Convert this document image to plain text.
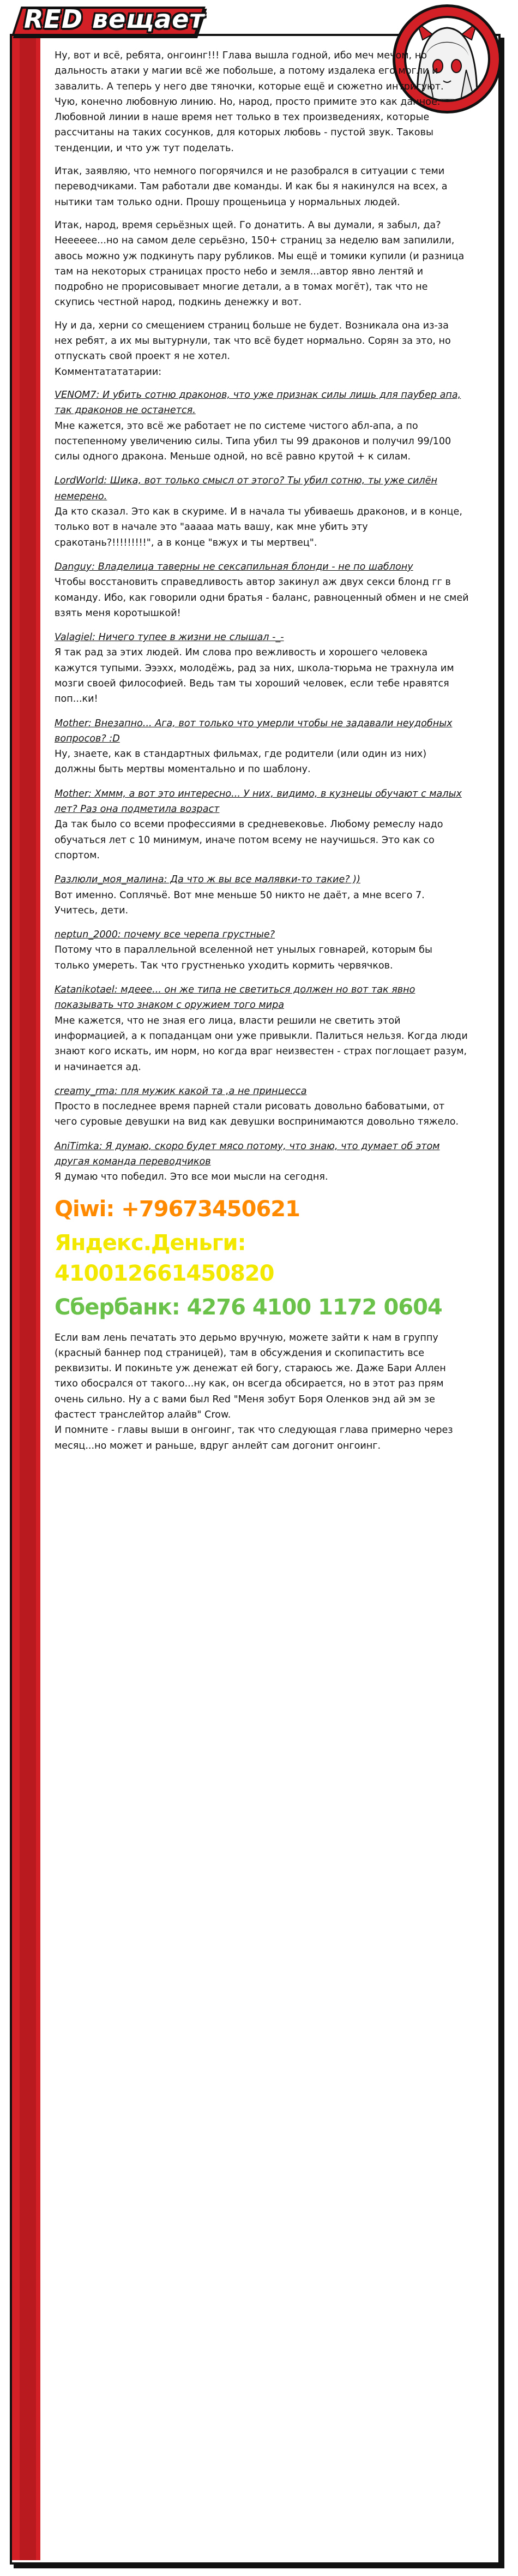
RED вещает

Ну, вот и всё, ребята, онгоинг!!! Глава вышла годной, ибо меч мечом, но дальность атаки у магии всё же побольше, а потому издалека его могли и завалить. А теперь у него две тяночки, которые ещё и сюжетно интригуют. Чую, конечно любовную линию. Но, народ, просто примите это как данное. Любовной линии в наше время нет только в тех произведениях, которые рассчитаны на таких сосунков, для которых любовь - пустой звук. Таковы тенденции, и что уж тут поделать.

Итак, заявляю, что немного погорячился и не разобрался в ситуации с теми переводчиками. Там работали две команды. И как бы я накинулся на всех, а нытики там только одни. Прошу прощеньица у нормальных людей.

Итак, народ, время серьёзных щей. Го донатить. А вы думали, я забыл, да? Нееееее...но на самом деле серьёзно, 150+ страниц за неделю вам запилили, авось можно уж подкинуть пару рубликов. Мы ещё и томики купили (и разница там на некоторых страницах просто небо и земля...автор явно лентяй и подробно не прорисовывает многие детали, а в томах могёт), так что не скупись честной народ, подкинь денежку и вот.

Ну и да, херни со смещением страниц больше не будет. Возникала она из-за нех ребят, а их мы вытурнули, так что всё будет нормально. Сорян за это, но отпускать свой проект я не хотел.

Комментатататарии:

VENOM7: И убить сотню драконов, что уже признак силы лишь для паубер апа, так драконов не останется.
Мне кажется, это всё же работает не по системе чистого абл-апа, а по постепенному увеличению силы. Типа убил ты 99 драконов и получил 99/100 силы одного дракона. Меньше одной, но всё равно крутой + к силам.
LordWorld: Шика, вот только смысл от этого? Ты убил сотню, ты уже силён немерено.
Да кто сказал. Это как в скуриме. И в начала ты убиваешь драконов, и в конце, только вот в начале это "ааааа мать вашу, как мне убить эту сракотань?!!!!!!!!!", а в конце "вжух и ты мертвец".
Danguy: Владелица таверны не сексапильная блонди - не по шаблону
Чтобы восстановить справедливость автор закинул аж двух секси блонд гг в команду. Ибо, как говорили одни братья - баланс, равноценный обмен и не смей взять меня коротышкой!
Valagiel: Ничего тупее в жизни не слышал -_-
Я так рад за этих людей. Им слова про вежливость и хорошего человека кажутся тупыми. Эээхх, молодёжь, рад за них, школа-тюрьма не трахнула им мозги своей философией. Ведь там ты хороший человек, если тебе нравятся поп...ки!
Mother: Внезапно... Ага, вот только что умерли чтобы не задавали неудобных вопросов? :D
Ну, знаете, как в стандартных фильмах, где родители (или один из них) должны быть мертвы моментально и по шаблону.
Mother: Хммм, а вот это интересно... У них, видимо, в кузнецы обучают с малых лет? Раз она подметила возраст
Да так было со всеми профессиями в средневековье. Любому ремеслу надо обучаться лет с 10 минимум, иначе потом всему не научишься. Это как со спортом.
Разлюли_моя_малина: Да что ж вы все малявки-то такие? ))
Вот именно. Соплячьё. Вот мне меньше 50 никто не даёт, а мне всего 7. Учитесь, дети.
neptun_2000: почему все черепа грустные?
Потому что в параллельной вселенной нет унылых говнарей, которым бы только умереть. Так что грустненько уходить кормить червячков.
Katanikotael: мдеее... он же типа не светиться должен но вот так явно показывать что знаком с оружием того мира
Мне кажется, что не зная его лица, власти решили не светить этой информацией, а к попаданцам они уже привыкли. Палиться нельзя. Когда люди знают кого искать, им норм, но когда враг неизвестен - страх поглощает разум, и начинается ад.
creamy_rma: пля мужик какой та ,а не принцесса
Просто в последнее время парней стали рисовать довольно бабоватыми, от чего суровые девушки на вид как девушки воспринимаются довольно тяжело.
AniTimka: Я думаю, скоро будет мясо потому, что знаю, что думает об этом другая команда переводчиков
Я думаю что победил. Это все мои мысли на сегодня.
Qiwi: +79673450621
Яндекс.Деньги: 410012661450820
Сбербанк: 4276 4100 1172 0604

Если вам лень печатать это дерьмо вручную, можете зайти к нам в группу (красный баннер под страницей), там в обсуждения и скопипастить все реквизиты. И покиньте уж денежат ей богу, стараюсь же. Даже Бари Аллен тихо обосрался от такого...ну как, он всегда обсирается, но в этот раз прям очень сильно. Ну а с вами был Red "Меня зобут Боря Оленков энд ай эм зе фастест транслейтор алайв" Crow.

И помните - главы выши в онгоинг, так что следующая глава примерно через месяц...но может и раньше, вдруг анлейт сам догонит онгоинг.
